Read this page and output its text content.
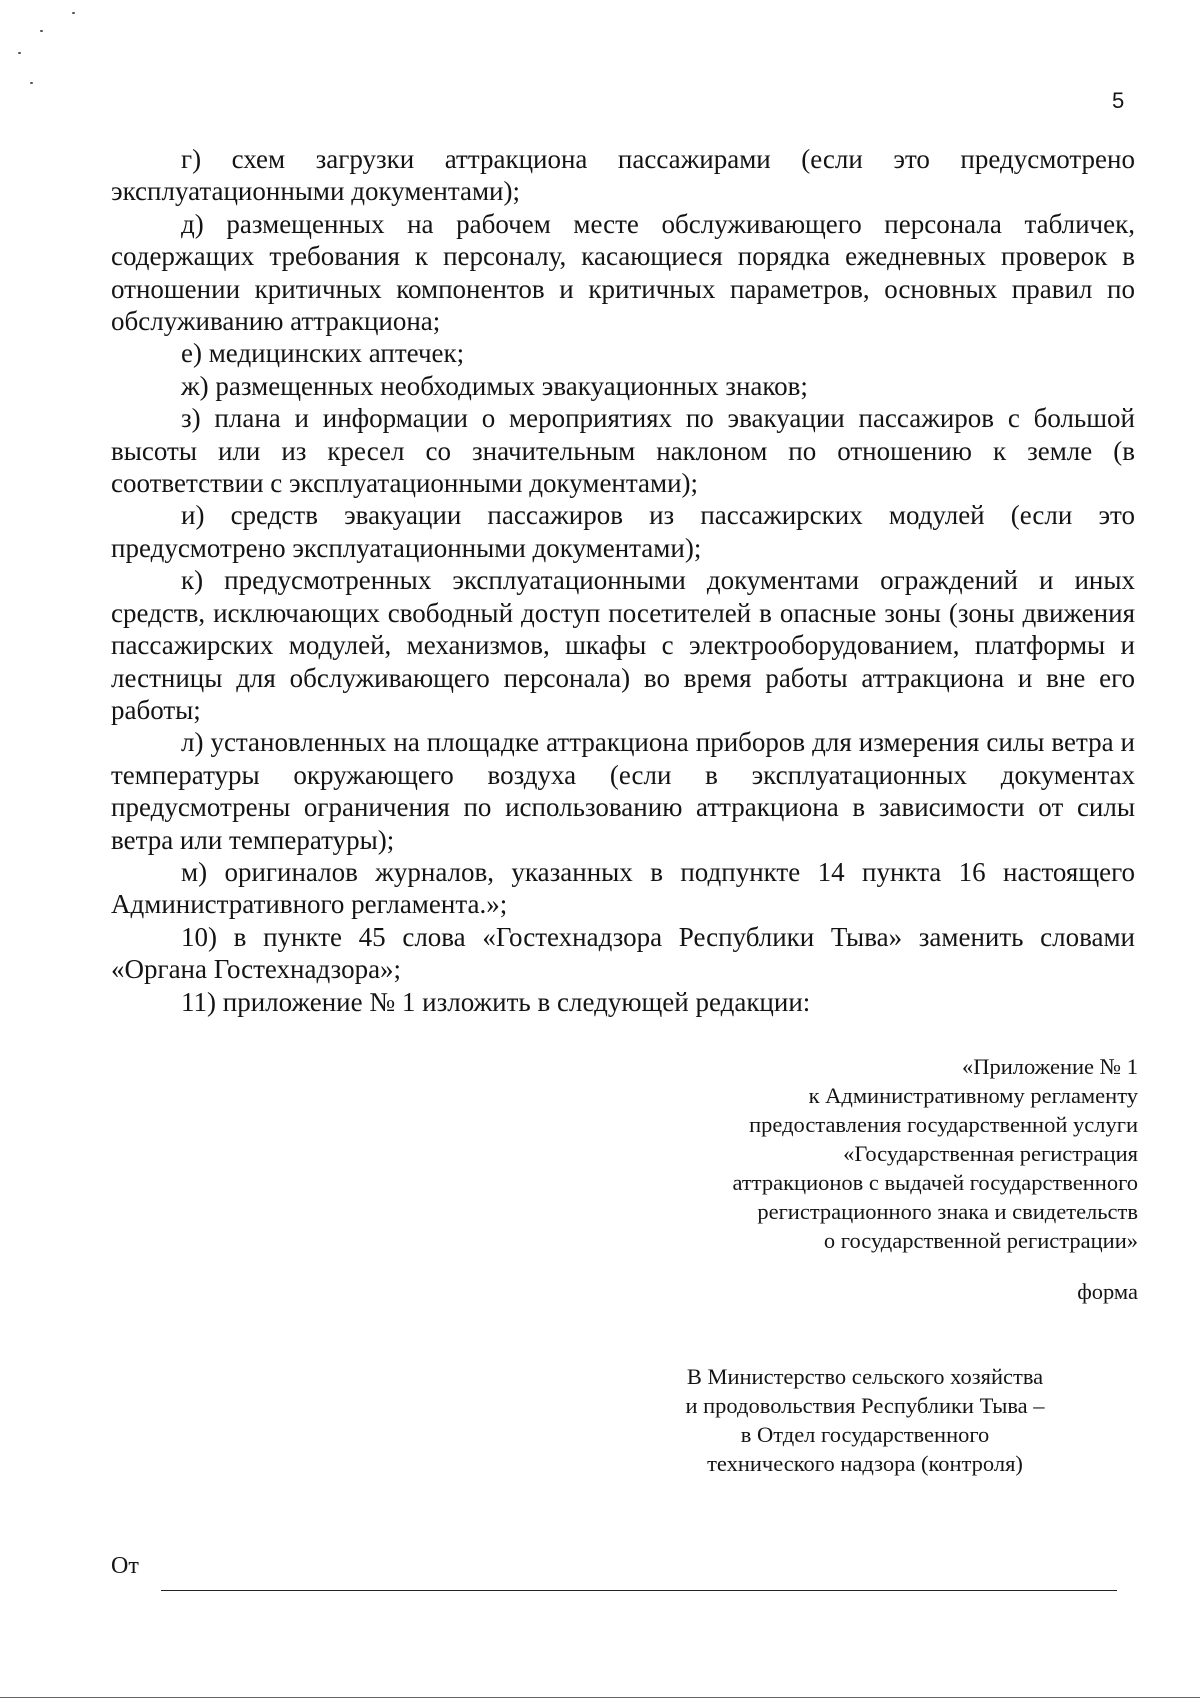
5

г) схем загрузки аттракциона пассажирами (если это предусмотрено эксплуатационными документами);

д) размещенных на рабочем месте обслуживающего персонала табличек, содержащих требования к персоналу, касающиеся порядка ежедневных проверок в отношении критичных компонентов и критичных параметров, основных правил по обслуживанию аттракциона;

е) медицинских аптечек;

ж) размещенных необходимых эвакуационных знаков;

з) плана и информации о мероприятиях по эвакуации пассажиров с большой высоты или из кресел со значительным наклоном по отношению к земле (в соответствии с эксплуатационными документами);

и) средств эвакуации пассажиров из пассажирских модулей (если это предусмотрено эксплуатационными документами);

к) предусмотренных эксплуатационными документами ограждений и иных средств, исключающих свободный доступ посетителей в опасные зоны (зоны движения пассажирских модулей, механизмов, шкафы с электрооборудованием, платформы и лестницы для обслуживающего персонала) во время работы аттракциона и вне его работы;

л) установленных на площадке аттракциона приборов для измерения силы ветра и температуры окружающего воздуха (если в эксплуатационных документах предусмотрены ограничения по использованию аттракциона в зависимости от силы ветра или температуры);

м) оригиналов журналов, указанных в подпункте 14 пункта 16 настоящего Административного регламента.»;

10) в пункте 45 слова «Гостехнадзора Республики Тыва» заменить словами «Органа Гостехнадзора»;

11) приложение № 1 изложить в следующей редакции:

«Приложение № 1
к Административному регламенту
предоставления государственной услуги
«Государственная регистрация
аттракционов с выдачей государственного
регистрационного знака и свидетельств
о государственной регистрации»
форма
В Министерство сельского хозяйства
и продовольствия Республики Тыва –
в Отдел государственного
технического надзора (контроля)
От
